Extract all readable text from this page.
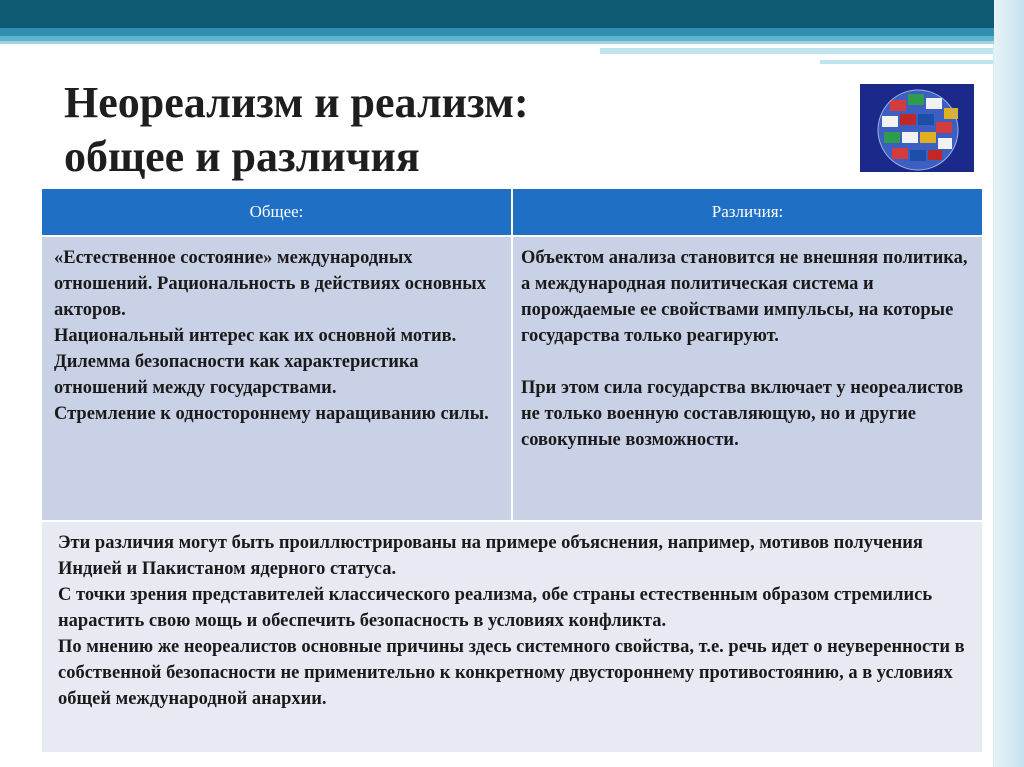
Неореализм и реализм:
общее и различия
Общее:	Различия:

«Естественное состояние» международных отношений. Рациональность в действиях основных акторов.

Национальный интерес как их основной мотив.

Дилемма безопасности как характеристика отношений между государствами.

Стремление к одностороннему наращиванию силы.

Объектом анализа становится не внешняя политика, а международная политическая система и порождаемые ее свойствами импульсы, на которые государства только реагируют.

При этом сила государства включает у неореалистов не только военную составляющую, но и другие совокупные возможности.

Эти различия могут быть проиллюстрированы на примере объяснения, например, мотивов получения Индией и Пакистаном ядерного статуса.

С точки зрения представителей классического реализма, обе страны естественным образом стремились нарастить свою мощь и обеспечить безопасность в условиях конфликта.

По мнению же неореалистов основные причины здесь системного свойства, т.е. речь идет о неуверенности в собственной безопасности не применительно к конкретному двустороннему противостоянию, а в условиях общей международной анархии.
